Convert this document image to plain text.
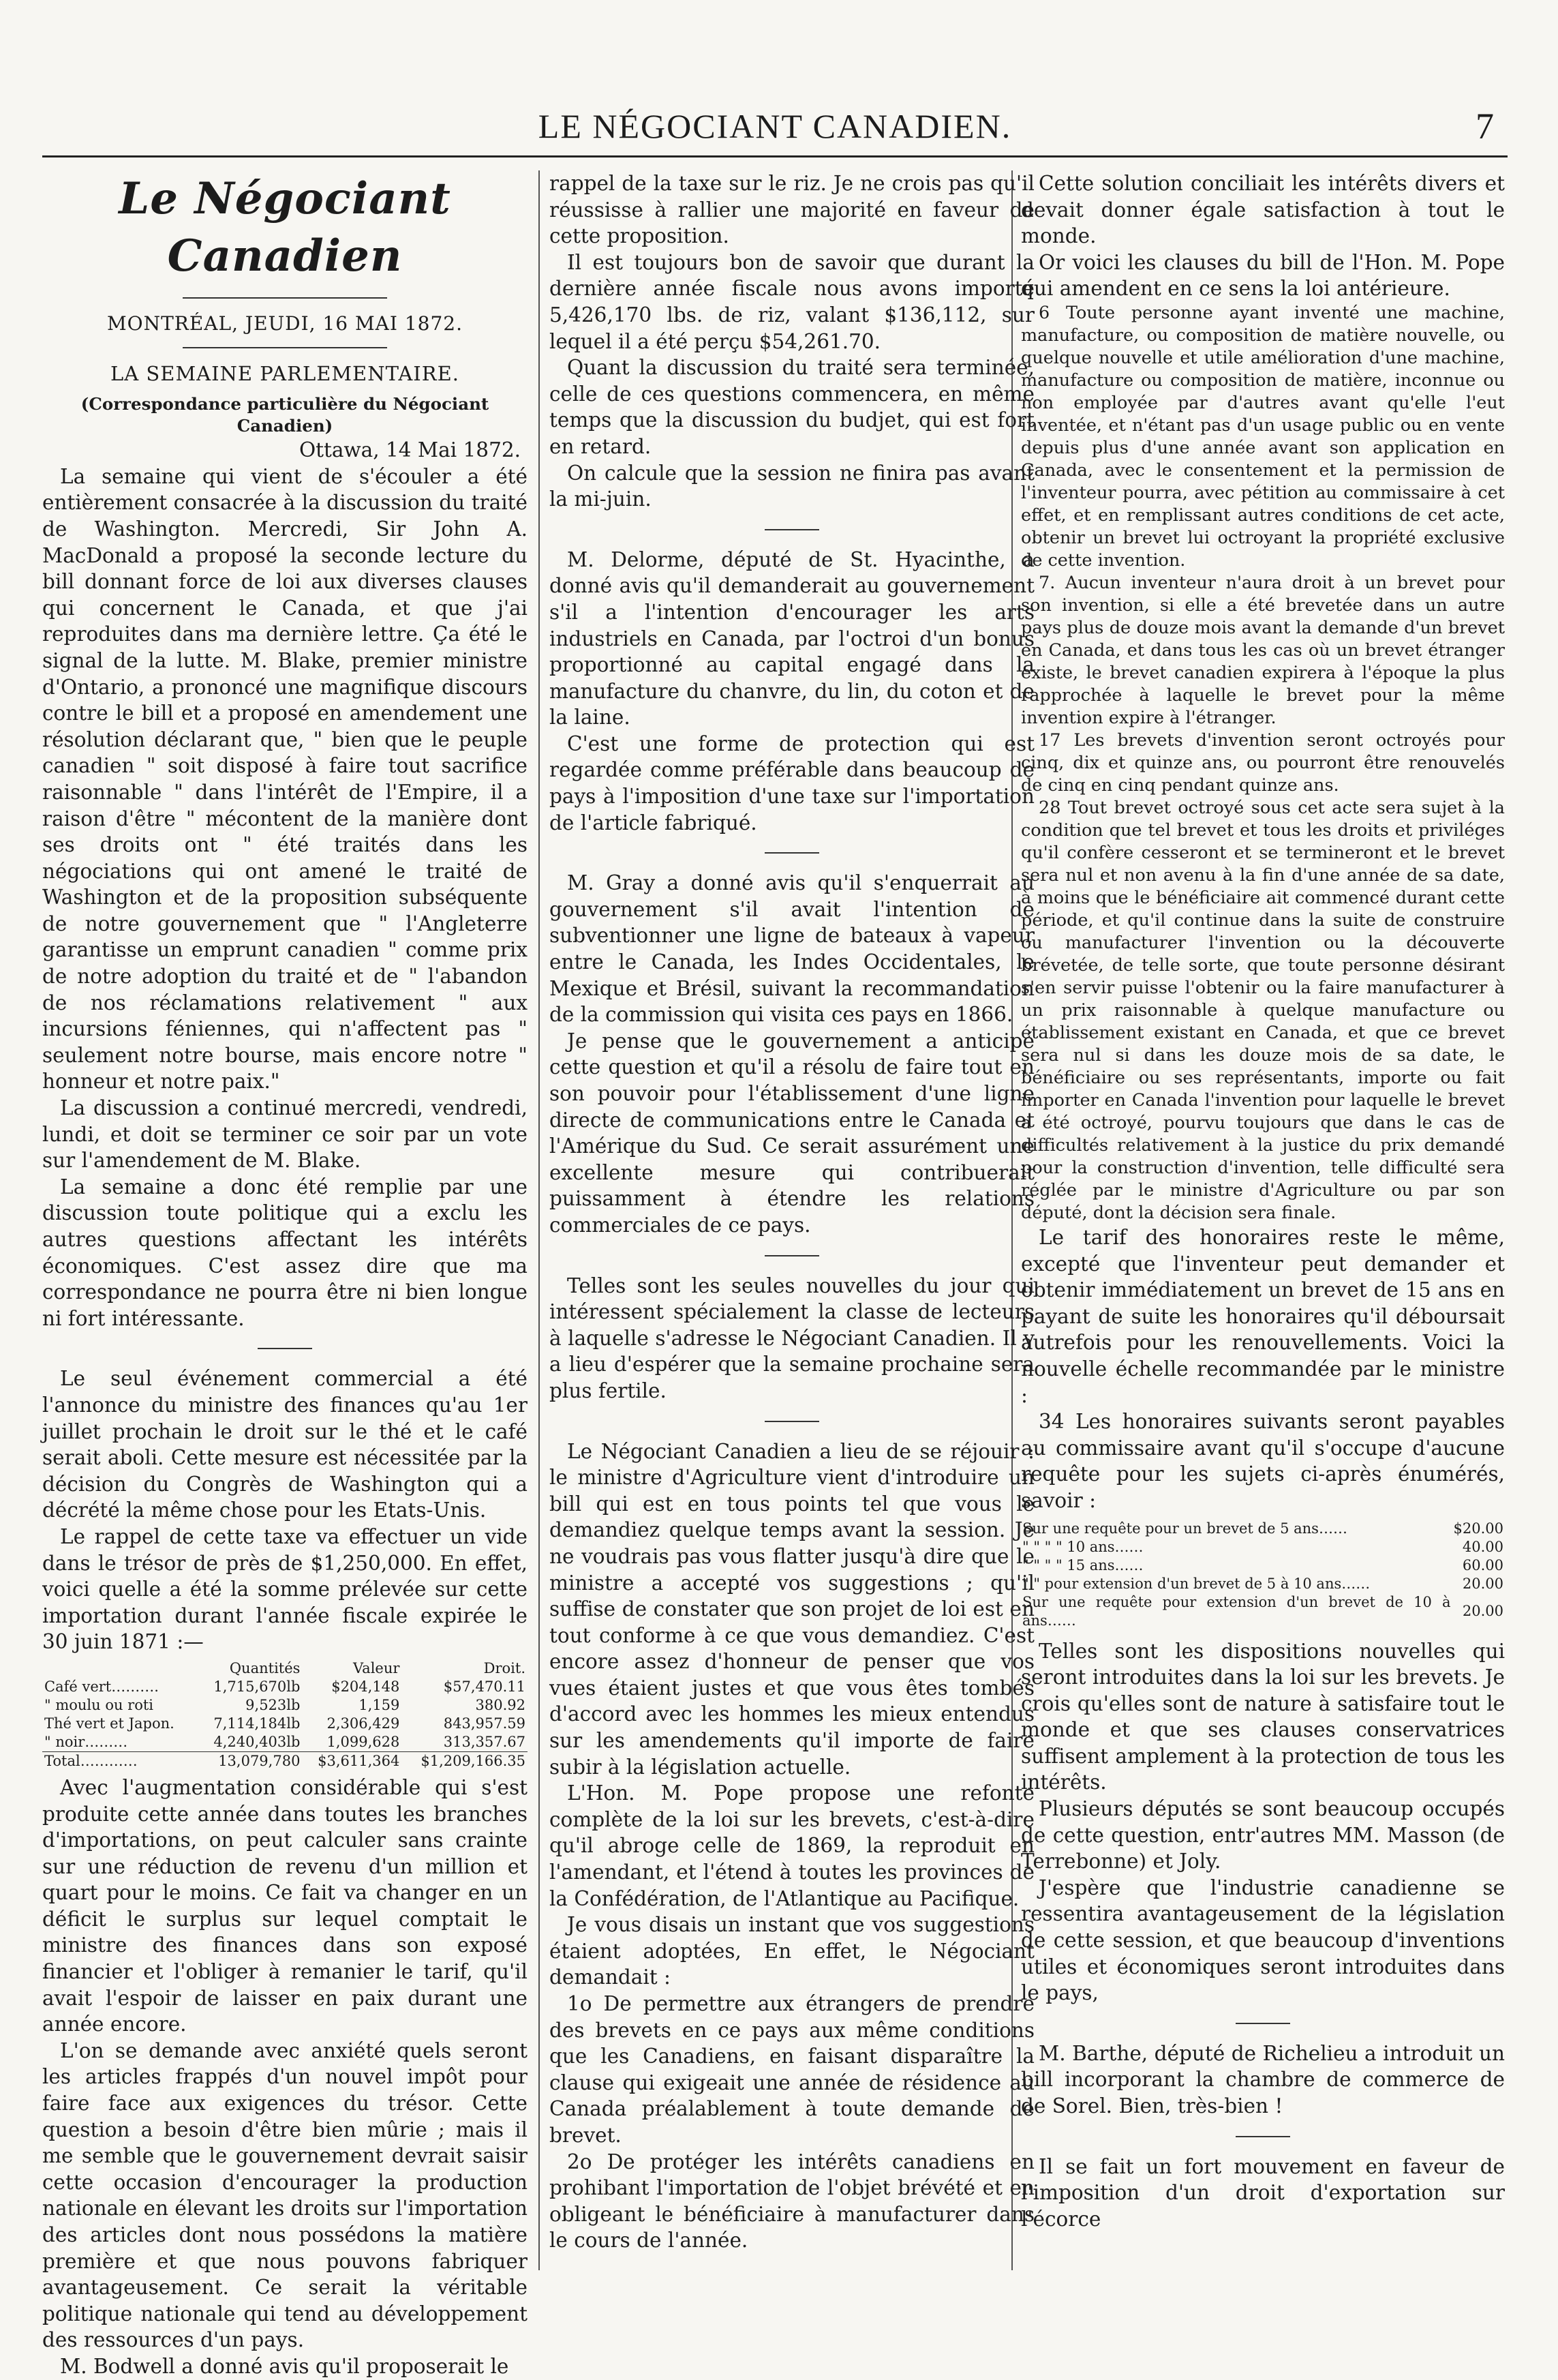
LE NÉGOCIANT CANADIEN.	7
Le Négociant Canadien
MONTRÉAL, JEUDI, 16 MAI 1872.
LA SEMAINE PARLEMENTAIRE.
(Correspondance particulière du Négociant Canadien)
Ottawa, 14 Mai 1872.

La semaine qui vient de s'écouler a été entièrement consacrée à la discussion du traité de Washington. Mercredi, Sir John A. MacDonald a proposé la seconde lecture du bill donnant force de loi aux diverses clauses qui concernent le Canada, et que j'ai reproduites dans ma dernière lettre. Ça été le signal de la lutte. M. Blake, premier ministre d'Ontario, a prononcé une magnifique discours contre le bill et a proposé en amendement une résolution déclarant que, " bien que le peuple canadien " soit disposé à faire tout sacrifice raisonnable " dans l'intérêt de l'Empire, il a raison d'être " mécontent de la manière dont ses droits ont " été traités dans les négociations qui ont amené le traité de Washington et de la proposition subséquente de notre gouvernement que " l'Angleterre garantisse un emprunt canadien " comme prix de notre adoption du traité et de " l'abandon de nos réclamations relativement " aux incursions féniennes, qui n'affectent pas " seulement notre bourse, mais encore notre " honneur et notre paix."

La discussion a continué mercredi, vendredi, lundi, et doit se terminer ce soir par un vote sur l'amendement de M. Blake.

La semaine a donc été remplie par une discussion toute politique qui a exclu les autres questions affectant les intérêts économiques. C'est assez dire que ma correspondance ne pourra être ni bien longue ni fort intéressante.

Le seul événement commercial a été l'annonce du ministre des finances qu'au 1er juillet prochain le droit sur le thé et le café serait aboli. Cette mesure est nécessitée par la décision du Congrès de Washington qui a décrété la même chose pour les Etats-Unis.

Le rappel de cette taxe va effectuer un vide dans le trésor de près de $1,250,000. En effet, voici quelle a été la somme prélevée sur cette importation durant l'année fiscale expirée le 30 juin 1871 :—

	Quantités	Valeur	Droit.
Café vert……….	1,715,670lb	$204,148	$57,470.11
" moulu ou roti	9,523lb	1,159	380.92
Thé vert et Japon.	7,114,184lb	2,306,429	843,957.59
" noir………	4,240,403lb	1,099,628	313,357.67
Total…………	13,079,780	$3,611,364	$1,209,166.35

Avec l'augmentation considérable qui s'est produite cette année dans toutes les branches d'importations, on peut calculer sans crainte sur une réduction de revenu d'un million et quart pour le moins. Ce fait va changer en un déficit le surplus sur lequel comptait le ministre des finances dans son exposé financier et l'obliger à remanier le tarif, qu'il avait l'espoir de laisser en paix durant une année encore.

L'on se demande avec anxiété quels seront les articles frappés d'un nouvel impôt pour faire face aux exigences du trésor. Cette question a besoin d'être bien mûrie ; mais il me semble que le gouvernement devrait saisir cette occasion d'encourager la production nationale en élevant les droits sur l'importation des articles dont nous possédons la matière première et que nous pouvons fabriquer avantageusement. Ce serait la véritable politique nationale qui tend au développement des ressources d'un pays.

M. Bodwell a donné avis qu'il proposerait le

rappel de la taxe sur le riz. Je ne crois pas qu'il réussisse à rallier une majorité en faveur de cette proposition.

Il est toujours bon de savoir que durant la dernière année fiscale nous avons importé 5,426,170 lbs. de riz, valant $136,112, sur lequel il a été perçu $54,261.70.

Quant la discussion du traité sera terminée, celle de ces questions commencera, en même temps que la discussion du budjet, qui est fort en retard.

On calcule que la session ne finira pas avant la mi-juin.

M. Delorme, député de St. Hyacinthe, a donné avis qu'il demanderait au gouvernement s'il a l'intention d'encourager les arts industriels en Canada, par l'octroi d'un bonus proportionné au capital engagé dans la manufacture du chanvre, du lin, du coton et de la laine.

C'est une forme de protection qui est regardée comme préférable dans beaucoup de pays à l'imposition d'une taxe sur l'importation de l'article fabriqué.

M. Gray a donné avis qu'il s'enquerrait au gouvernement s'il avait l'intention de subventionner une ligne de bateaux à vapeur entre le Canada, les Indes Occidentales, le Mexique et Brésil, suivant la recommandation de la commission qui visita ces pays en 1866.

Je pense que le gouvernement a anticipé cette question et qu'il a résolu de faire tout en son pouvoir pour l'établissement d'une ligne directe de communications entre le Canada et l'Amérique du Sud. Ce serait assurément une excellente mesure qui contribuerait puissamment à étendre les relations commerciales de ce pays.

Telles sont les seules nouvelles du jour qui intéressent spécialement la classe de lecteurs à laquelle s'adresse le Négociant Canadien. Il y a lieu d'espérer que la semaine prochaine sera plus fertile.

Le Négociant Canadien a lieu de se réjouir : le ministre d'Agriculture vient d'introduire un bill qui est en tous points tel que vous le demandiez quelque temps avant la session. Je ne voudrais pas vous flatter jusqu'à dire que le ministre a accepté vos suggestions ; qu'il suffise de constater que son projet de loi est en tout conforme à ce que vous demandiez. C'est encore assez d'honneur de penser que vos vues étaient justes et que vous êtes tombés d'accord avec les hommes les mieux entendus sur les amendements qu'il importe de faire subir à la législation actuelle.

L'Hon. M. Pope propose une refonte complète de la loi sur les brevets, c'est-à-dire qu'il abroge celle de 1869, la reproduit en l'amendant, et l'étend à toutes les provinces de la Confédération, de l'Atlantique au Pacifique.

Je vous disais un instant que vos suggestions étaient adoptées, En effet, le Négociant demandait :

1o De permettre aux étrangers de prendre des brevets en ce pays aux même conditions que les Canadiens, en faisant disparaître la clause qui exigeait une année de résidence au Canada préalablement à toute demande de brevet.

2o De protéger les intérêts canadiens en prohibant l'importation de l'objet brévété et en obligeant le bénéficiaire à manufacturer dans le cours de l'année.

Cette solution conciliait les intérêts divers et devait donner égale satisfaction à tout le monde.

Or voici les clauses du bill de l'Hon. M. Pope qui amendent en ce sens la loi antérieure.

6 Toute personne ayant inventé une machine, manufacture, ou composition de matière nouvelle, ou quelque nouvelle et utile amélioration d'une machine, manufacture ou composition de matière, inconnue ou non employée par d'autres avant qu'elle l'eut inventée, et n'étant pas d'un usage public ou en vente depuis plus d'une année avant son application en Canada, avec le consentement et la permission de l'inventeur pourra, avec pétition au commissaire à cet effet, et en remplissant autres conditions de cet acte, obtenir un brevet lui octroyant la propriété exclusive de cette invention.

7. Aucun inventeur n'aura droit à un brevet pour son invention, si elle a été brevetée dans un autre pays plus de douze mois avant la demande d'un brevet en Canada, et dans tous les cas où un brevet étranger existe, le brevet canadien expirera à l'époque la plus rapprochée à laquelle le brevet pour la même invention expire à l'étranger.

17 Les brevets d'invention seront octroyés pour cinq, dix et quinze ans, ou pourront être renouvelés de cinq en cinq pendant quinze ans.

28 Tout brevet octroyé sous cet acte sera sujet à la condition que tel brevet et tous les droits et priviléges qu'il confère cesseront et se termineront et le brevet sera nul et non avenu à la fin d'une année de sa date, à moins que le bénéficiaire ait commencé durant cette période, et qu'il continue dans la suite de construire ou manufacturer l'invention ou la découverte brévetée, de telle sorte, que toute personne désirant s'en servir puisse l'obtenir ou la faire manufacturer à un prix raisonnable à quelque manufacture ou établissement existant en Canada, et que ce brevet sera nul si dans les douze mois de sa date, le bénéficiaire ou ses représentants, importe ou fait importer en Canada l'invention pour laquelle le brevet a été octroyé, pourvu toujours que dans le cas de difficultés relativement à la justice du prix demandé pour la construction d'invention, telle difficulté sera réglée par le ministre d'Agriculture ou par son député, dont la décision sera finale.

Le tarif des honoraires reste le même, excepté que l'inventeur peut demander et obtenir immédiatement un brevet de 15 ans en payant de suite les honoraires qu'il déboursait autrefois pour les renouvellements. Voici la nouvelle échelle recommandée par le ministre :

34 Les honoraires suivants seront payables au commissaire avant qu'il s'occupe d'aucune requête pour les sujets ci-après énumérés, savoir :

Sur une requête pour un brevet de 5 ans……	$20.00
" " " " 10 ans……	40.00
" " " " 15 ans……	60.00
" " pour extension d'un brevet de 5 à 10 ans……	20.00
Sur une requête pour extension d'un brevet de 10 à ans……	20.00

Telles sont les dispositions nouvelles qui seront introduites dans la loi sur les brevets. Je crois qu'elles sont de nature à satisfaire tout le monde et que ses clauses conservatrices suffisent amplement à la protection de tous les intérêts.

Plusieurs députés se sont beaucoup occupés de cette question, entr'autres MM. Masson (de Terrebonne) et Joly.

J'espère que l'industrie canadienne se ressentira avantageusement de la législation de cette session, et que beaucoup d'inventions utiles et économiques seront introduites dans le pays,

M. Barthe, député de Richelieu a introduit un bill incorporant la chambre de commerce de de Sorel. Bien, très-bien !

Il se fait un fort mouvement en faveur de l'imposition d'un droit d'exportation sur l'écorce
